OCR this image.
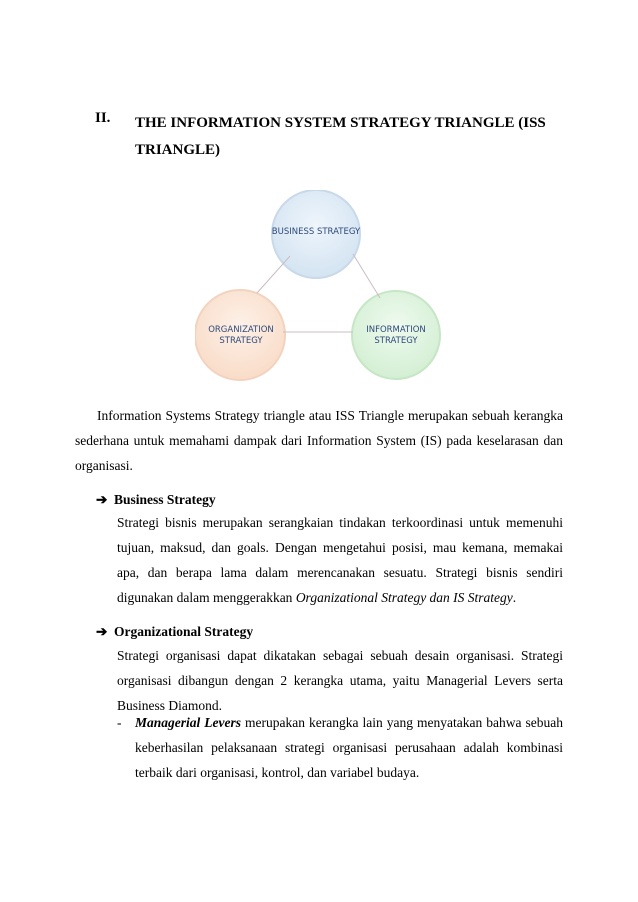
II. THE INFORMATION SYSTEM STRATEGY TRIANGLE (ISS
TRIANGLE)
BUSINESS STRATEGY
ORGANIZATION
STRATEGY
INFORMATION
STRATEGY
Information Systems Strategy triangle atau ISS Triangle merupakan sebuah kerangka sederhana untuk memahami dampak dari Information System (IS) pada keselarasan dan organisasi.
➔ Business Strategy
Strategi bisnis merupakan serangkaian tindakan terkoordinasi untuk memenuhi tujuan, maksud, dan goals. Dengan mengetahui posisi, mau kemana, memakai apa, dan berapa lama dalam merencanakan sesuatu. Strategi bisnis sendiri digunakan dalam menggerakkan Organizational Strategy dan IS Strategy.
➔ Organizational Strategy
Strategi organisasi dapat dikatakan sebagai sebuah desain organisasi. Strategi organisasi dibangun dengan 2 kerangka utama, yaitu Managerial Levers serta Business Diamond.
- Managerial Levers merupakan kerangka lain yang menyatakan bahwa sebuah keberhasilan pelaksanaan strategi organisasi perusahaan adalah kombinasi terbaik dari organisasi, kontrol, dan variabel budaya.
